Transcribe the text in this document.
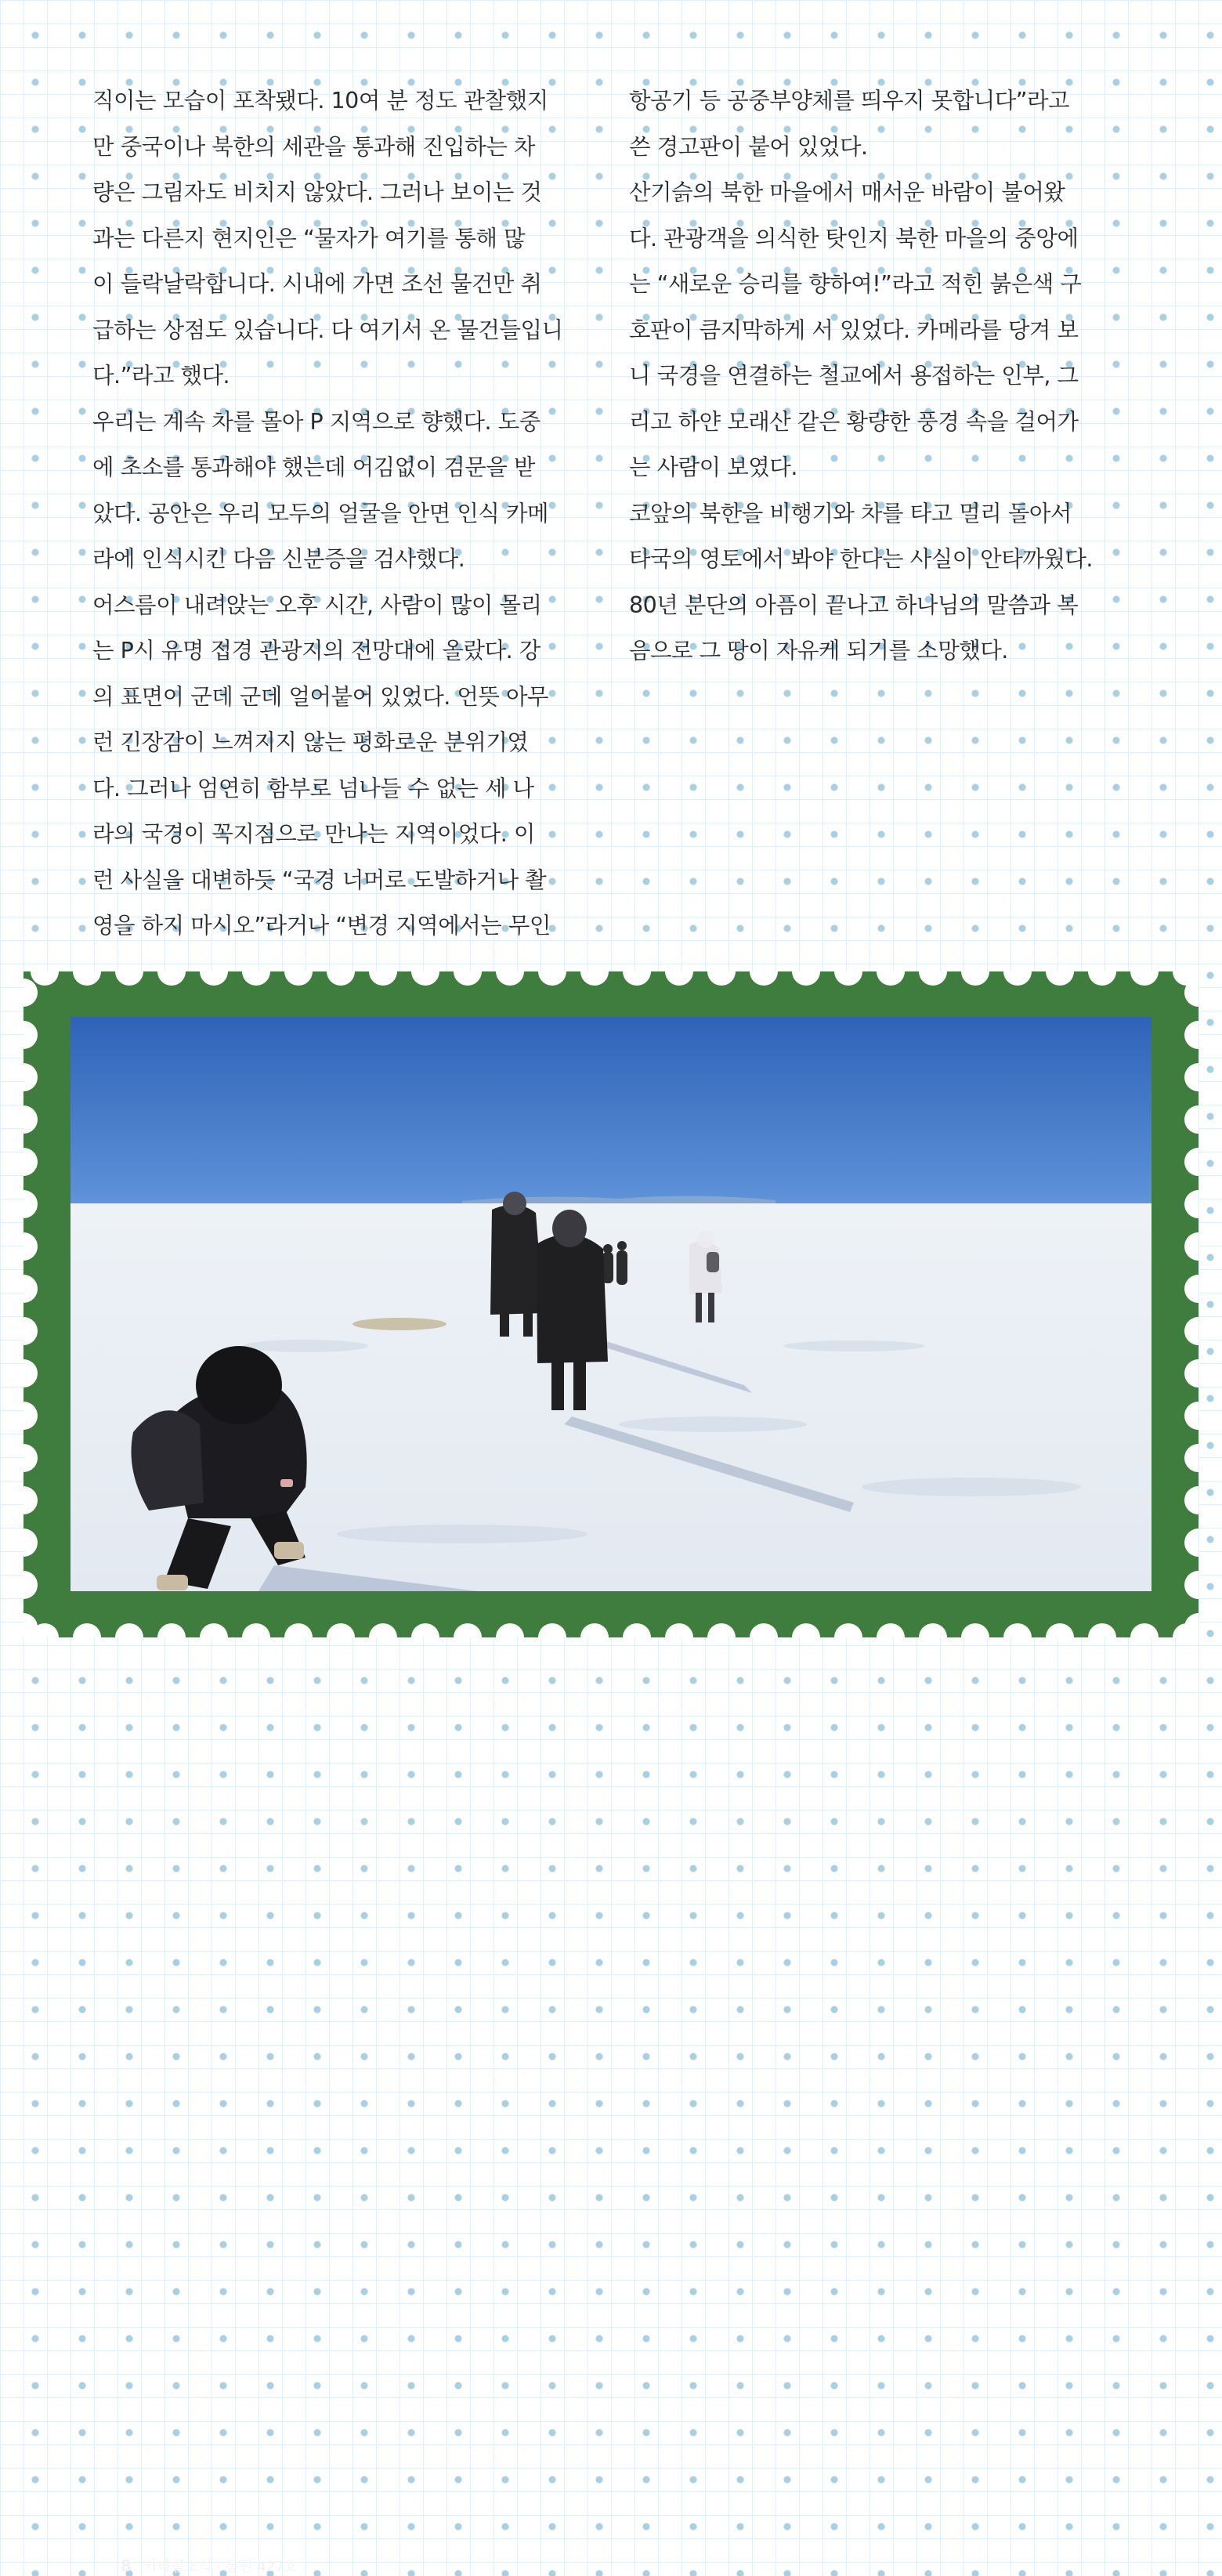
직이는 모습이 포착됐다. 10여 분 정도 관찰했지
만 중국이나 북한의 세관을 통과해 진입하는 차
량은 그림자도 비치지 않았다. 그러나 보이는 것
과는 다른지 현지인은 “물자가 여기를 통해 많
이 들락날락합니다. 시내에 가면 조선 물건만 취
급하는 상점도 있습니다. 다 여기서 온 물건들입니
다.”라고 했다.
우리는 계속 차를 몰아 P 지역으로 향했다. 도중
에 초소를 통과해야 했는데 어김없이 검문을 받
았다. 공안은 우리 모두의 얼굴을 안면 인식 카메
라에 인식시킨 다음 신분증을 검사했다.
어스름이 내려앉는 오후 시간, 사람이 많이 몰리
는 P시 유명 접경 관광지의 전망대에 올랐다. 강
의 표면이 군데 군데 얼어붙어 있었다. 언뜻 아무
런 긴장감이 느껴지지 않는 평화로운 분위기였
다. 그러나 엄연히 함부로 넘나들 수 없는 세 나
라의 국경이 꼭지점으로 만나는 지역이었다. 이
런 사실을 대변하듯 “국경 너머로 도발하거나 촬
영을 하지 마시오”라거나 “변경 지역에서는 무인
항공기 등 공중부양체를 띄우지 못합니다”라고
쓴 경고판이 붙어 있었다.
산기슭의 북한 마을에서 매서운 바람이 불어왔
다. 관광객을 의식한 탓인지 북한 마을의 중앙에
는 “새로운 승리를 향하여!”라고 적힌 붉은색 구
호판이 큼지막하게 서 있었다. 카메라를 당겨 보
니 국경을 연결하는 철교에서 용접하는 인부, 그
리고 하얀 모래산 같은 황량한 풍경 속을 걸어가
는 사람이 보였다.
코앞의 북한을 비행기와 차를 타고 멀리 돌아서
타국의 영토에서 봐야 한다는 사실이 안타까웠다.
80년 분단의 아픔이 끝나고 하나님의 말씀과 복
음으로 그 땅이 자유케 되기를 소망했다.
8 카타콤소식 · 통권 427호
